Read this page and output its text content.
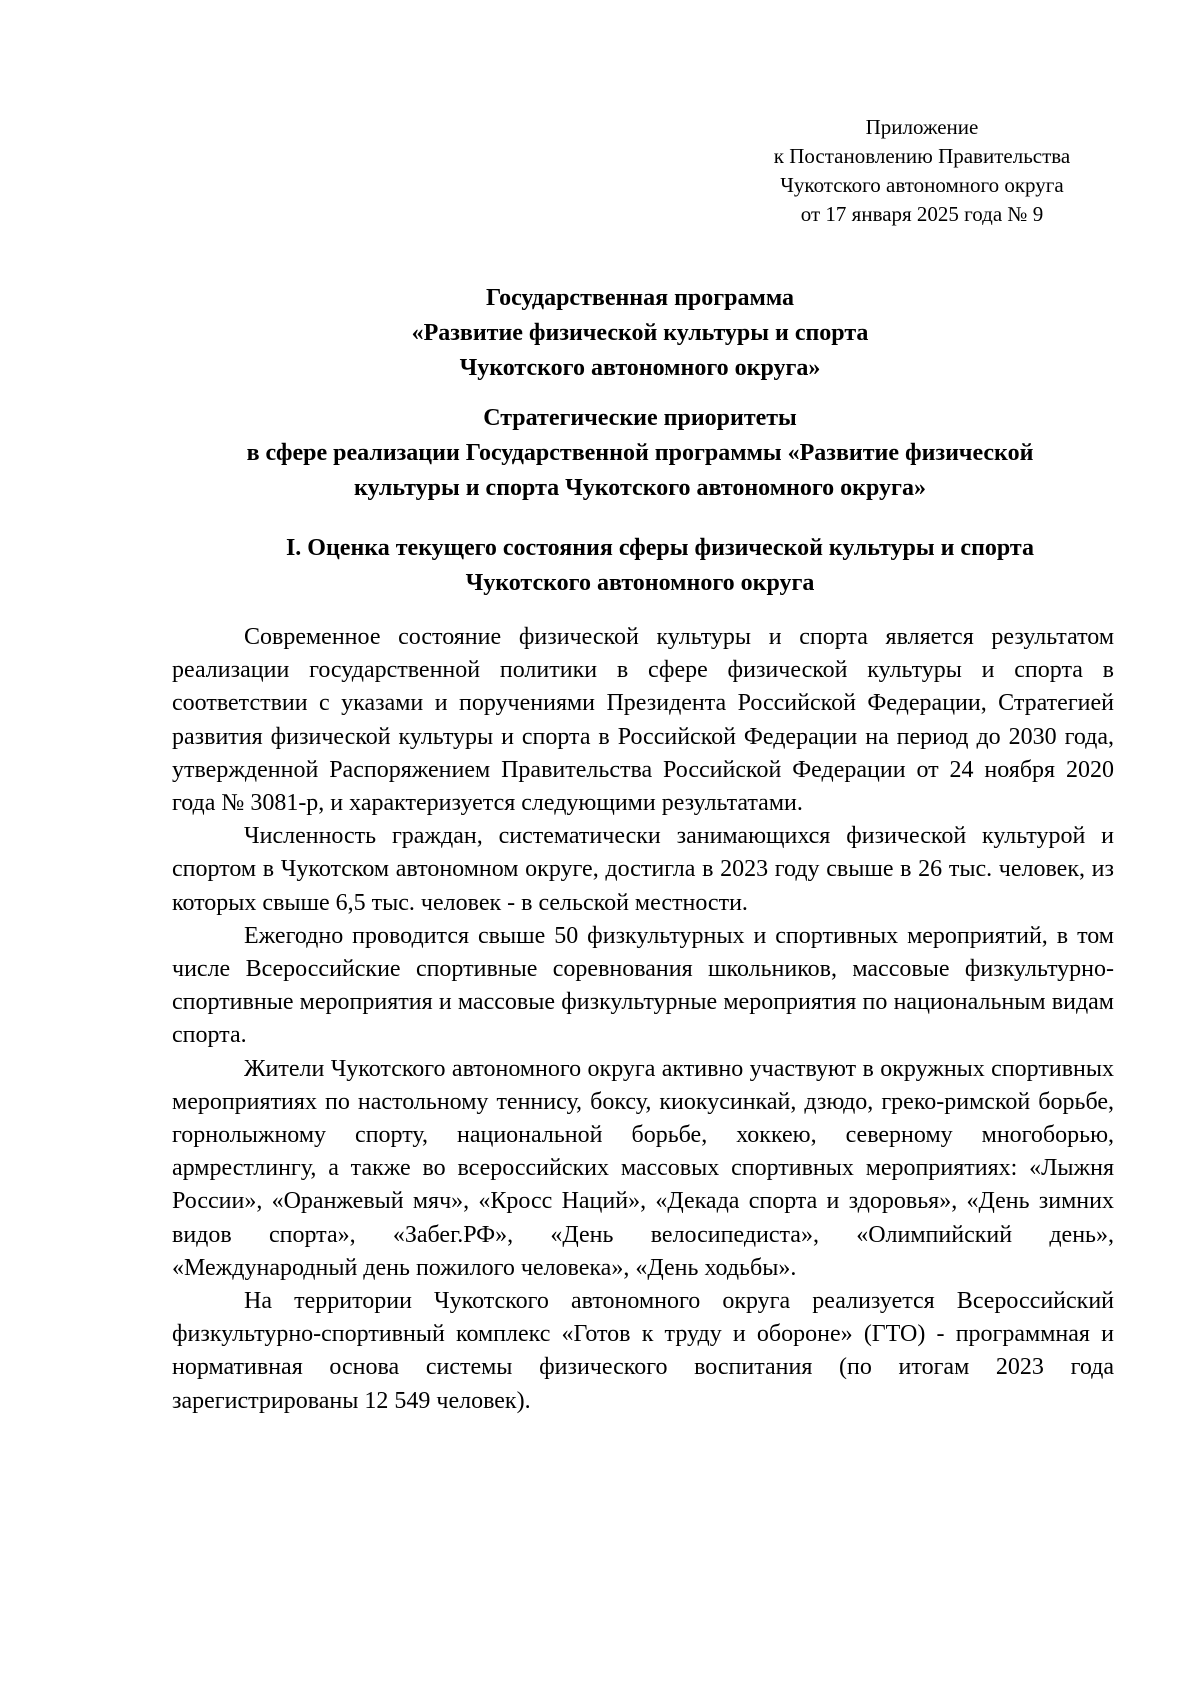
Приложение
к Постановлению Правительства
Чукотского автономного округа
от 17 января 2025 года № 9
Государственная программа
«Развитие физической культуры и спорта
Чукотского автономного округа»
Стратегические приоритеты
в сфере реализации Государственной программы «Развитие физической
культуры и спорта Чукотского автономного округа»
I. Оценка текущего состояния сферы физической культуры и спорта
Чукотского автономного округа

Современное состояние физической культуры и спорта является результатом реализации государственной политики в сфере физической культуры и спорта в соответствии с указами и поручениями Президента Российской Федерации, Стратегией развития физической культуры и спорта в Российской Федерации на период до 2030 года, утвержденной Распоряжением Правительства Российской Федерации от 24 ноября 2020 года № 3081-р, и характеризуется следующими результатами.

Численность граждан, систематически занимающихся физической культурой и спортом в Чукотском автономном округе, достигла в 2023 году свыше в 26 тыс. человек, из которых свыше 6,5 тыс. человек - в сельской местности.

Ежегодно проводится свыше 50 физкультурных и спортивных мероприятий, в том числе Всероссийские спортивные соревнования школьников, массовые физкультурно-спортивные мероприятия и массовые физкультурные мероприятия по национальным видам спорта.

Жители Чукотского автономного округа активно участвуют в окружных спортивных мероприятиях по настольному теннису, боксу, киокусинкай, дзюдо, греко-римской борьбе, горнолыжному спорту, национальной борьбе, хоккею, северному многоборью, армрестлингу, а также во всероссийских массовых спортивных мероприятиях: «Лыжня России», «Оранжевый мяч», «Кросс Наций», «Декада спорта и здоровья», «День зимних видов спорта», «Забег.РФ», «День велосипедиста», «Олимпийский день», «Международный день пожилого человека», «День ходьбы».

На территории Чукотского автономного округа реализуется Всероссийский физкультурно-спортивный комплекс «Готов к труду и обороне» (ГТО) - программная и нормативная основа системы физического воспитания (по итогам 2023 года зарегистрированы 12 549 человек).
